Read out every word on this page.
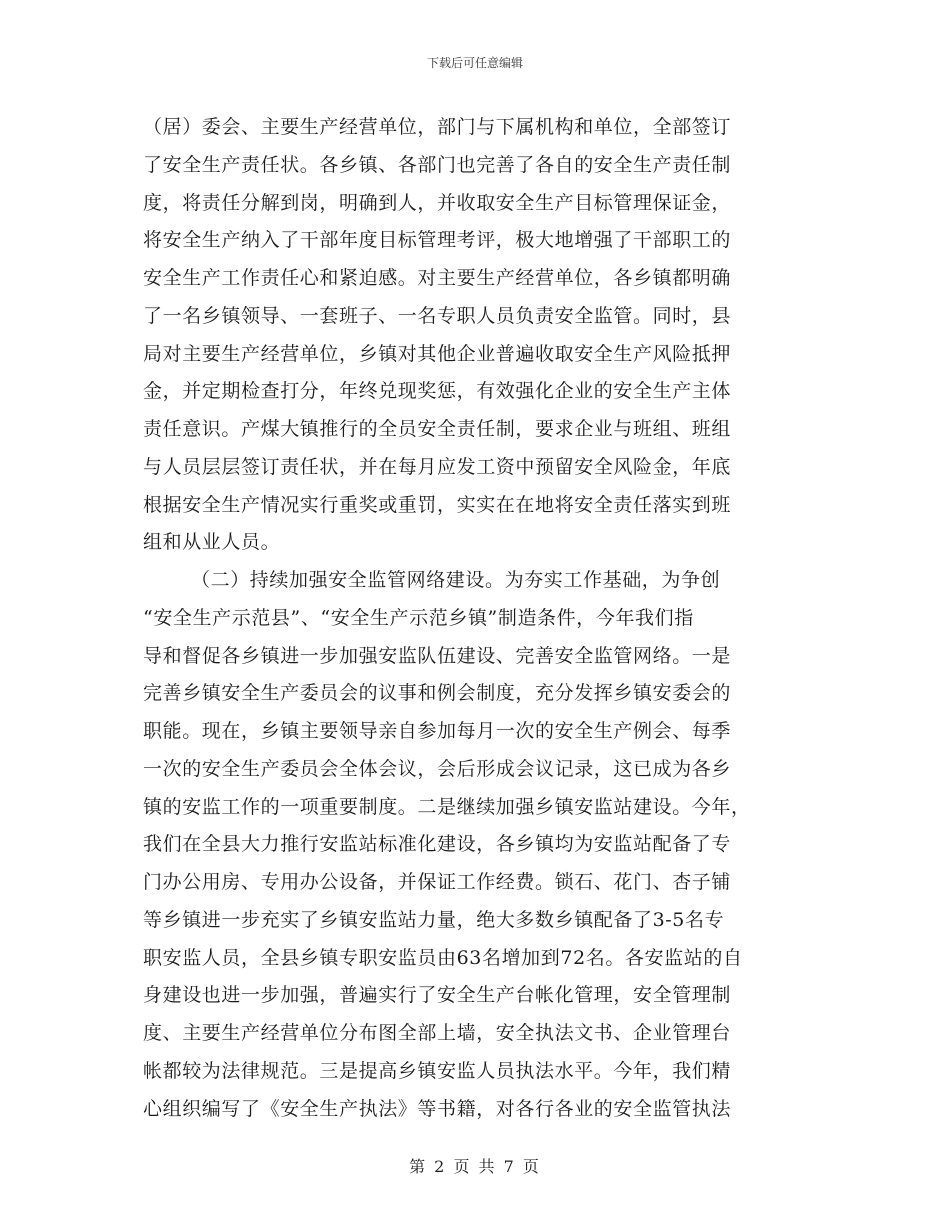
下载后可任意编辑
（居）委会、主要生产经营单位，部门与下属机构和单位，全部签订
了安全生产责任状。各乡镇、各部门也完善了各自的安全生产责任制
度，将责任分解到岗，明确到人，并收取安全生产目标管理保证金，
将安全生产纳入了干部年度目标管理考评，极大地增强了干部职工的
安全生产工作责任心和紧迫感。对主要生产经营单位，各乡镇都明确
了一名乡镇领导、一套班子、一名专职人员负责安全监管。同时，县
局对主要生产经营单位，乡镇对其他企业普遍收取安全生产风险抵押
金，并定期检查打分，年终兑现奖惩，有效强化企业的安全生产主体
责任意识。产煤大镇推行的全员安全责任制，要求企业与班组、班组
与人员层层签订责任状，并在每月应发工资中预留安全风险金，年底
根据安全生产情况实行重奖或重罚，实实在在地将安全责任落实到班
组和从业人员。
（二）持续加强安全监管网络建设。为夯实工作基础，为争创
“安全生产示范县”、“安全生产示范乡镇”制造条件，今年我们指
导和督促各乡镇进一步加强安监队伍建设、完善安全监管网络。一是
完善乡镇安全生产委员会的议事和例会制度，充分发挥乡镇安委会的
职能。现在，乡镇主要领导亲自参加每月一次的安全生产例会、每季
一次的安全生产委员会全体会议，会后形成会议记录，这已成为各乡
镇的安监工作的一项重要制度。二是继续加强乡镇安监站建设。今年，
我们在全县大力推行安监站标准化建设，各乡镇均为安监站配备了专
门办公用房、专用办公设备，并保证工作经费。锁石、花门、杏子铺
等乡镇进一步充实了乡镇安监站力量，绝大多数乡镇配备了3-5名专
职安监人员，全县乡镇专职安监员由63名增加到72名。各安监站的自
身建设也进一步加强，普遍实行了安全生产台帐化管理，安全管理制
度、主要生产经营单位分布图全部上墙，安全执法文书、企业管理台
帐都较为法律规范。三是提高乡镇安监人员执法水平。今年，我们精
心组织编写了《安全生产执法》等书籍，对各行各业的安全监管执法
第 2 页 共 7 页
